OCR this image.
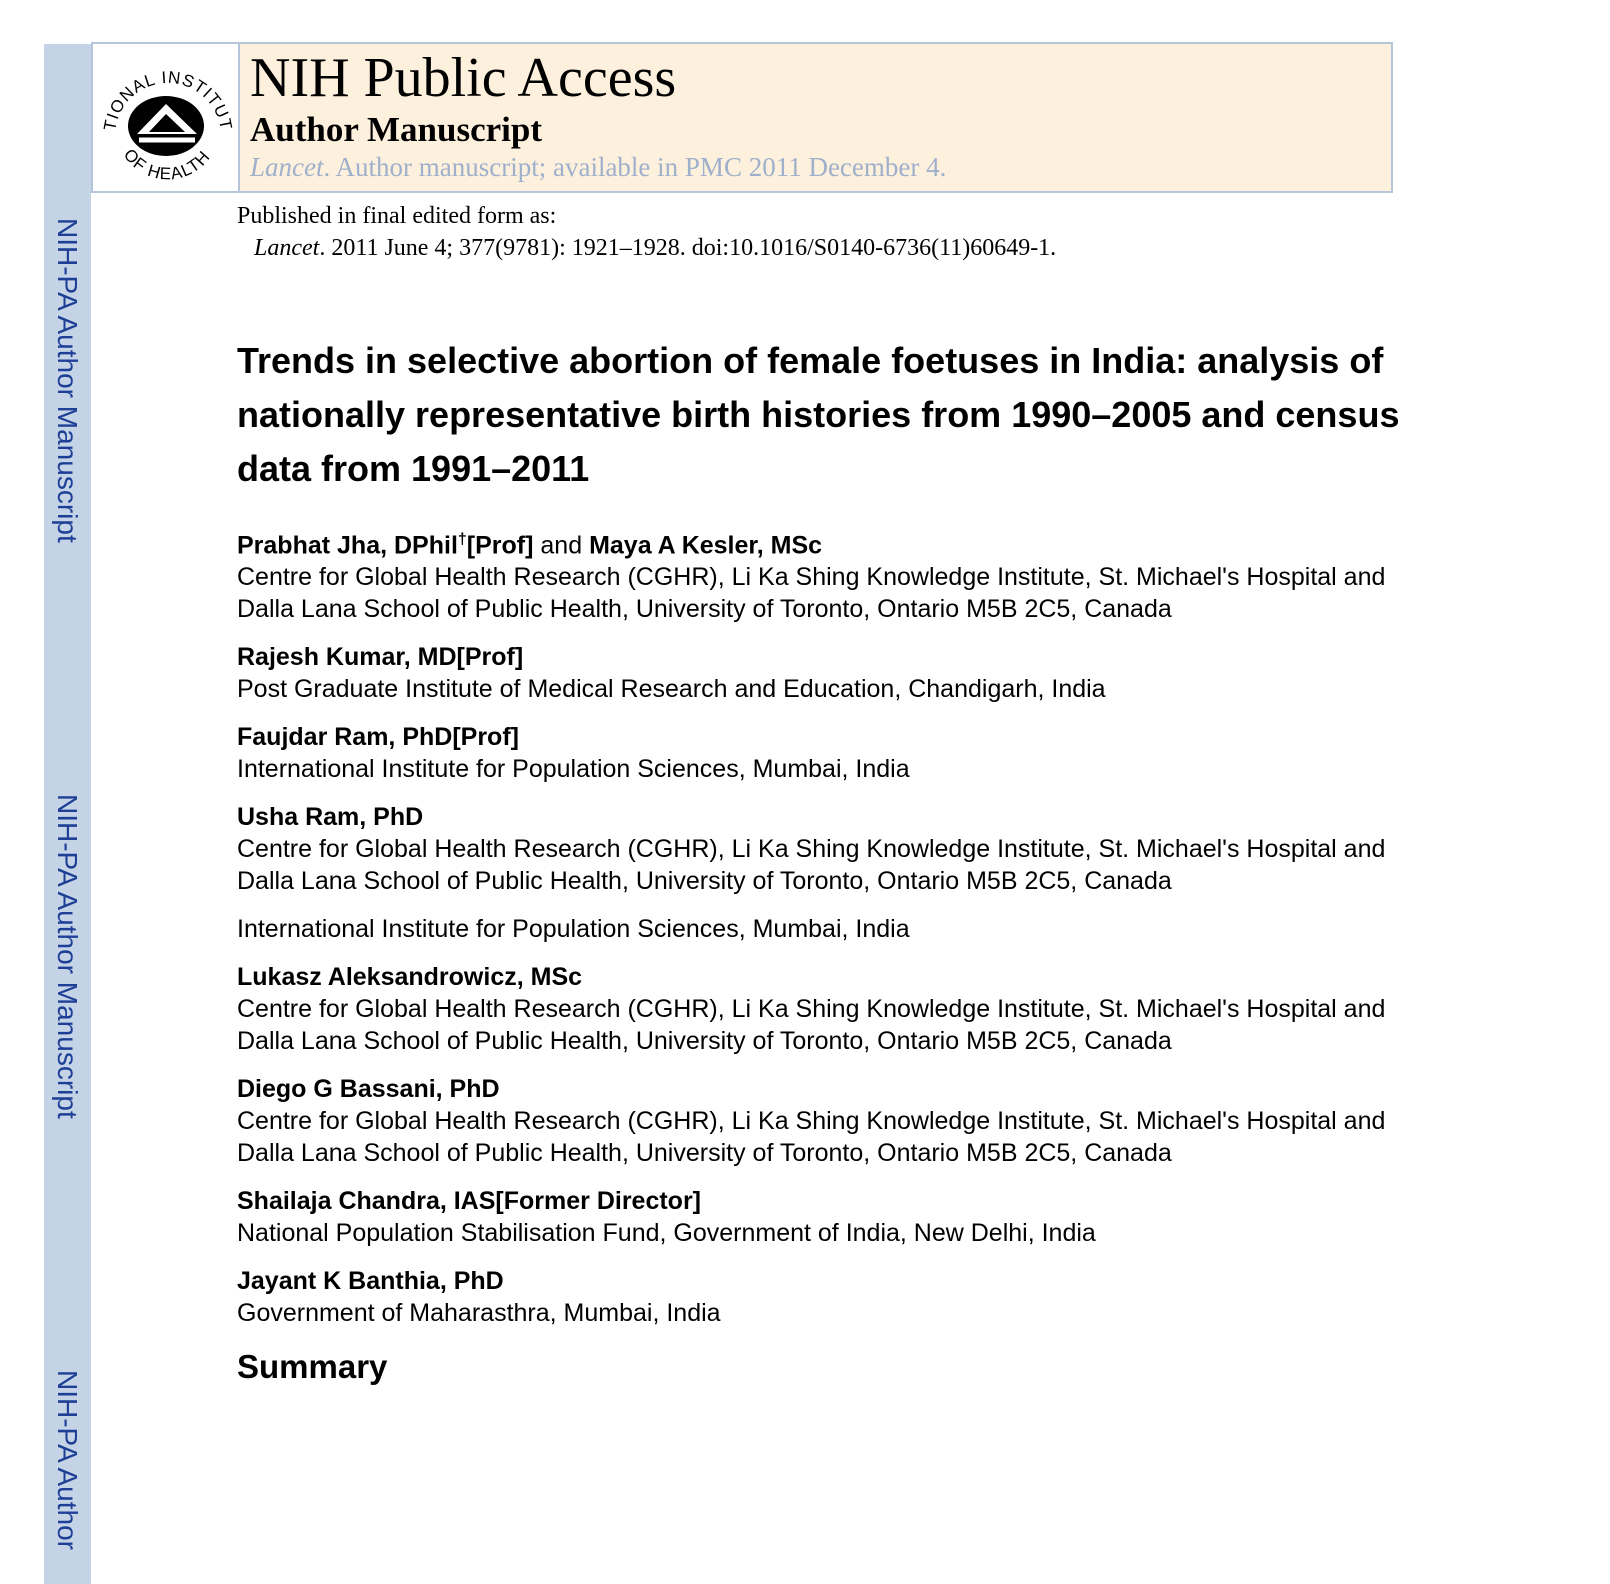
NIH-PA Author Manuscript
NIH-PA Author Manuscript
NIH-PA Author
TIONAL INSTITUT
OF HEALTH
NIH Public Access
Author Manuscript
Lancet. Author manuscript; available in PMC 2011 December 4.
Published in final edited form as:
Lancet. 2011 June 4; 377(9781): 1921–1928. doi:10.1016/S0140-6736(11)60649-1.
Trends in selective abortion of female foetuses in India: analysis of nationally representative birth histories from 1990–2005 and census data from 1991–2011
Prabhat Jha, DPhil†[Prof] and Maya A Kesler, MSc
Centre for Global Health Research (CGHR), Li Ka Shing Knowledge Institute, St. Michael's Hospital and Dalla Lana School of Public Health, University of Toronto, Ontario M5B 2C5, Canada
Rajesh Kumar, MD[Prof]
Post Graduate Institute of Medical Research and Education, Chandigarh, India
Faujdar Ram, PhD[Prof]
International Institute for Population Sciences, Mumbai, India
Usha Ram, PhD
Centre for Global Health Research (CGHR), Li Ka Shing Knowledge Institute, St. Michael's Hospital and Dalla Lana School of Public Health, University of Toronto, Ontario M5B 2C5, Canada
International Institute for Population Sciences, Mumbai, India
Lukasz Aleksandrowicz, MSc
Centre for Global Health Research (CGHR), Li Ka Shing Knowledge Institute, St. Michael's Hospital and Dalla Lana School of Public Health, University of Toronto, Ontario M5B 2C5, Canada
Diego G Bassani, PhD
Centre for Global Health Research (CGHR), Li Ka Shing Knowledge Institute, St. Michael's Hospital and Dalla Lana School of Public Health, University of Toronto, Ontario M5B 2C5, Canada
Shailaja Chandra, IAS[Former Director]
National Population Stabilisation Fund, Government of India, New Delhi, India
Jayant K Banthia, PhD
Government of Maharasthra, Mumbai, India
Summary
